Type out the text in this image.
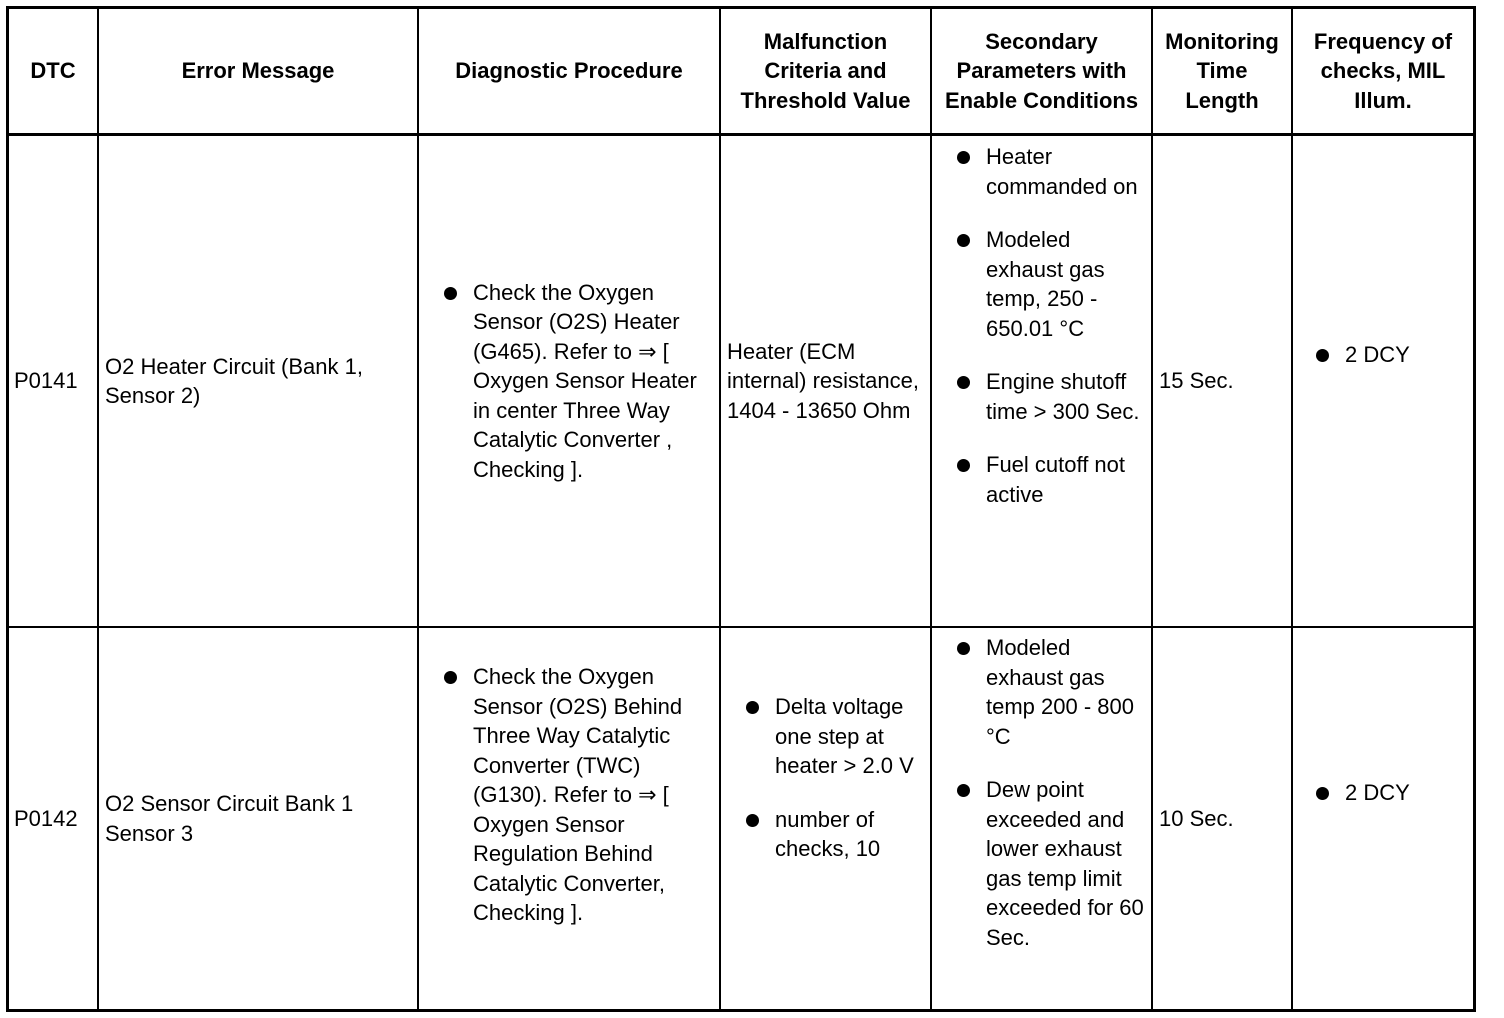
DTC	Error Message	Diagnostic Procedure
Malfunction Criteria and Threshold Value
Secondary Parameters with Enable Conditions
Monitoring Time Length
Frequency of checks, MIL Illum.
P0141
O2 Heater Circuit (Bank 1, Sensor 2)
Check the Oxygen Sensor (O2S) Heater (G465). Refer to ⇒ [ Oxygen Sensor Heater in center Three Way Catalytic Converter , Checking ].
Heater (ECM internal) resistance, 1404 - 13650 Ohm
Heater commanded on
Modeled exhaust gas temp, 250 - 650.01 °C
Engine shutoff time > 300 Sec.
Fuel cutoff not active
15 Sec.
2 DCY
P0142
O2 Sensor Circuit Bank 1 Sensor 3
Check the Oxygen Sensor (O2S) Behind Three Way Catalytic Converter (TWC) (G130). Refer to ⇒ [ Oxygen Sensor Regulation Behind Catalytic Converter, Checking ].
Delta voltage one step at heater > 2.0 V
number of checks, 10
Modeled exhaust gas temp 200 - 800 °C
Dew point exceeded and lower exhaust gas temp limit exceeded for 60 Sec.
10 Sec.
2 DCY
